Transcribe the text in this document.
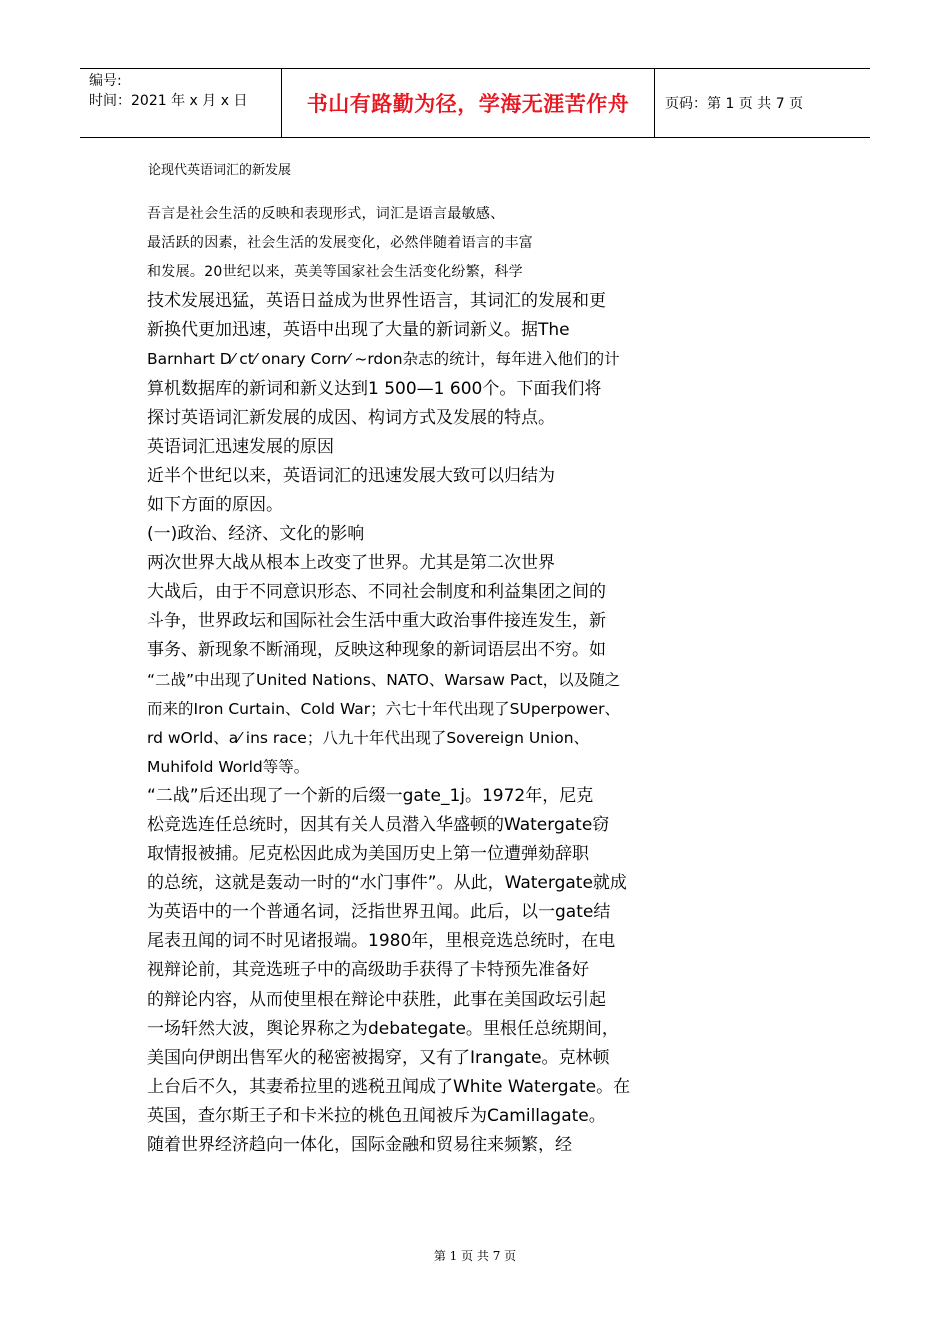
编号:
时间：2021 年 x 月 x 日	书山有路勤为径，学海无涯苦作舟	页码：第 1 页 共 7 页
论现代英语词汇的新发展
吾言是社会生活的反映和表现形式，词汇是语言最敏感、
最活跃的因素，社会生活的发展变化，必然伴随着语言的丰富
和发展。20世纪以来，英美等国家社会生活变化纷繁，科学
技术发展迅猛，英语日益成为世界性语言，其词汇的发展和更
新换代更加迅速，英语中出现了大量的新词新义。据The
Barnhart D⁄ ct⁄ onary Corn⁄ ~rdon杂志的统计，每年进入他们的计
算机数据库的新词和新义达到1 500—1 600个。下面我们将
探讨英语词汇新发展的成因、构词方式及发展的特点。
英语词汇迅速发展的原因
近半个世纪以来，英语词汇的迅速发展大致可以归结为
如下方面的原因。
(一)政治、经济、文化的影响
两次世界大战从根本上改变了世界。尤其是第二次世界
大战后，由于不同意识形态、不同社会制度和利益集团之间的
斗争，世界政坛和国际社会生活中重大政治事件接连发生，新
事务、新现象不断涌现，反映这种现象的新词语层出不穷。如
“二战”中出现了United Nations、NATO、Warsaw Pact，以及随之
而来的Iron Curtain、Cold War；六七十年代出现了SUperpower、
rd wOrld、a⁄ ins race；八九十年代出现了Sovereign Union、
Muhifold World等等。
“二战”后还出现了一个新的后缀一gate_1j。1972年，尼克
松竞选连任总统时，因其有关人员潜入华盛顿的Watergate窃
取情报被捕。尼克松因此成为美国历史上第一位遭弹劾辞职
的总统，这就是轰动一时的“水门事件”。从此，Watergate就成
为英语中的一个普通名词，泛指世界丑闻。此后，以一gate结
尾表丑闻的词不时见诸报端。1980年，里根竞选总统时，在电
视辩论前，其竞选班子中的高级助手获得了卡特预先准备好
的辩论内容，从而使里根在辩论中获胜，此事在美国政坛引起
一场轩然大波，舆论界称之为debategate。里根任总统期间，
美国向伊朗出售军火的秘密被揭穿，又有了Irangate。克林顿
上台后不久，其妻希拉里的逃税丑闻成了White Watergate。在
英国，查尔斯王子和卡米拉的桃色丑闻被斥为Camillagate。
随着世界经济趋向一体化，国际金融和贸易往来频繁，经
第 1 页 共 7 页
